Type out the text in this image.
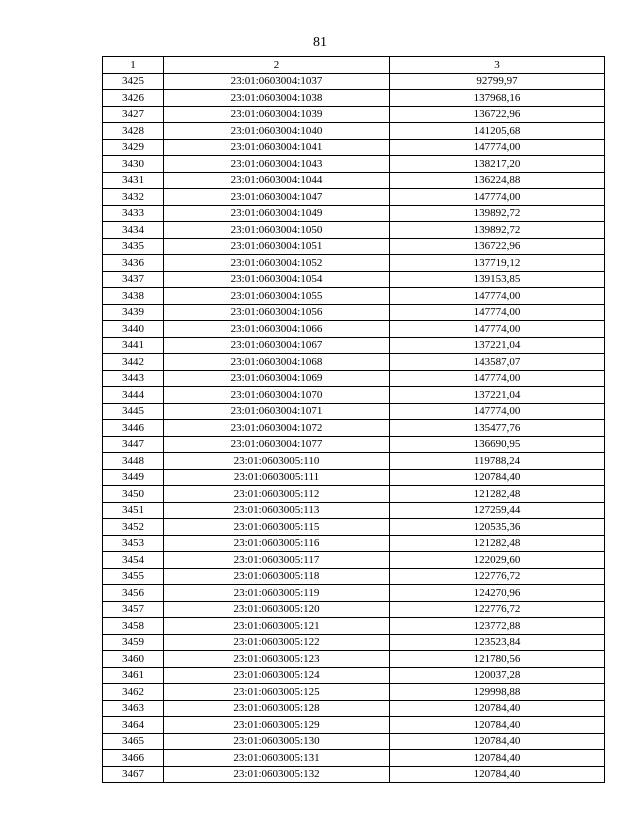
81
1	2	3
3425	23:01:0603004:1037	92799,97
3426	23:01:0603004:1038	137968,16
3427	23:01:0603004:1039	136722,96
3428	23:01:0603004:1040	141205,68
3429	23:01:0603004:1041	147774,00
3430	23:01:0603004:1043	138217,20
3431	23:01:0603004:1044	136224,88
3432	23:01:0603004:1047	147774,00
3433	23:01:0603004:1049	139892,72
3434	23:01:0603004:1050	139892,72
3435	23:01:0603004:1051	136722,96
3436	23:01:0603004:1052	137719,12
3437	23:01:0603004:1054	139153,85
3438	23:01:0603004:1055	147774,00
3439	23:01:0603004:1056	147774,00
3440	23:01:0603004:1066	147774,00
3441	23:01:0603004:1067	137221,04
3442	23:01:0603004:1068	143587,07
3443	23:01:0603004:1069	147774,00
3444	23:01:0603004:1070	137221,04
3445	23:01:0603004:1071	147774,00
3446	23:01:0603004:1072	135477,76
3447	23:01:0603004:1077	136690,95
3448	23:01:0603005:110	119788,24
3449	23:01:0603005:111	120784,40
3450	23:01:0603005:112	121282,48
3451	23:01:0603005:113	127259,44
3452	23:01:0603005:115	120535,36
3453	23:01:0603005:116	121282,48
3454	23:01:0603005:117	122029,60
3455	23:01:0603005:118	122776,72
3456	23:01:0603005:119	124270,96
3457	23:01:0603005:120	122776,72
3458	23:01:0603005:121	123772,88
3459	23:01:0603005:122	123523,84
3460	23:01:0603005:123	121780,56
3461	23:01:0603005:124	120037,28
3462	23:01:0603005:125	129998,88
3463	23:01:0603005:128	120784,40
3464	23:01:0603005:129	120784,40
3465	23:01:0603005:130	120784,40
3466	23:01:0603005:131	120784,40
3467	23:01:0603005:132	120784,40
